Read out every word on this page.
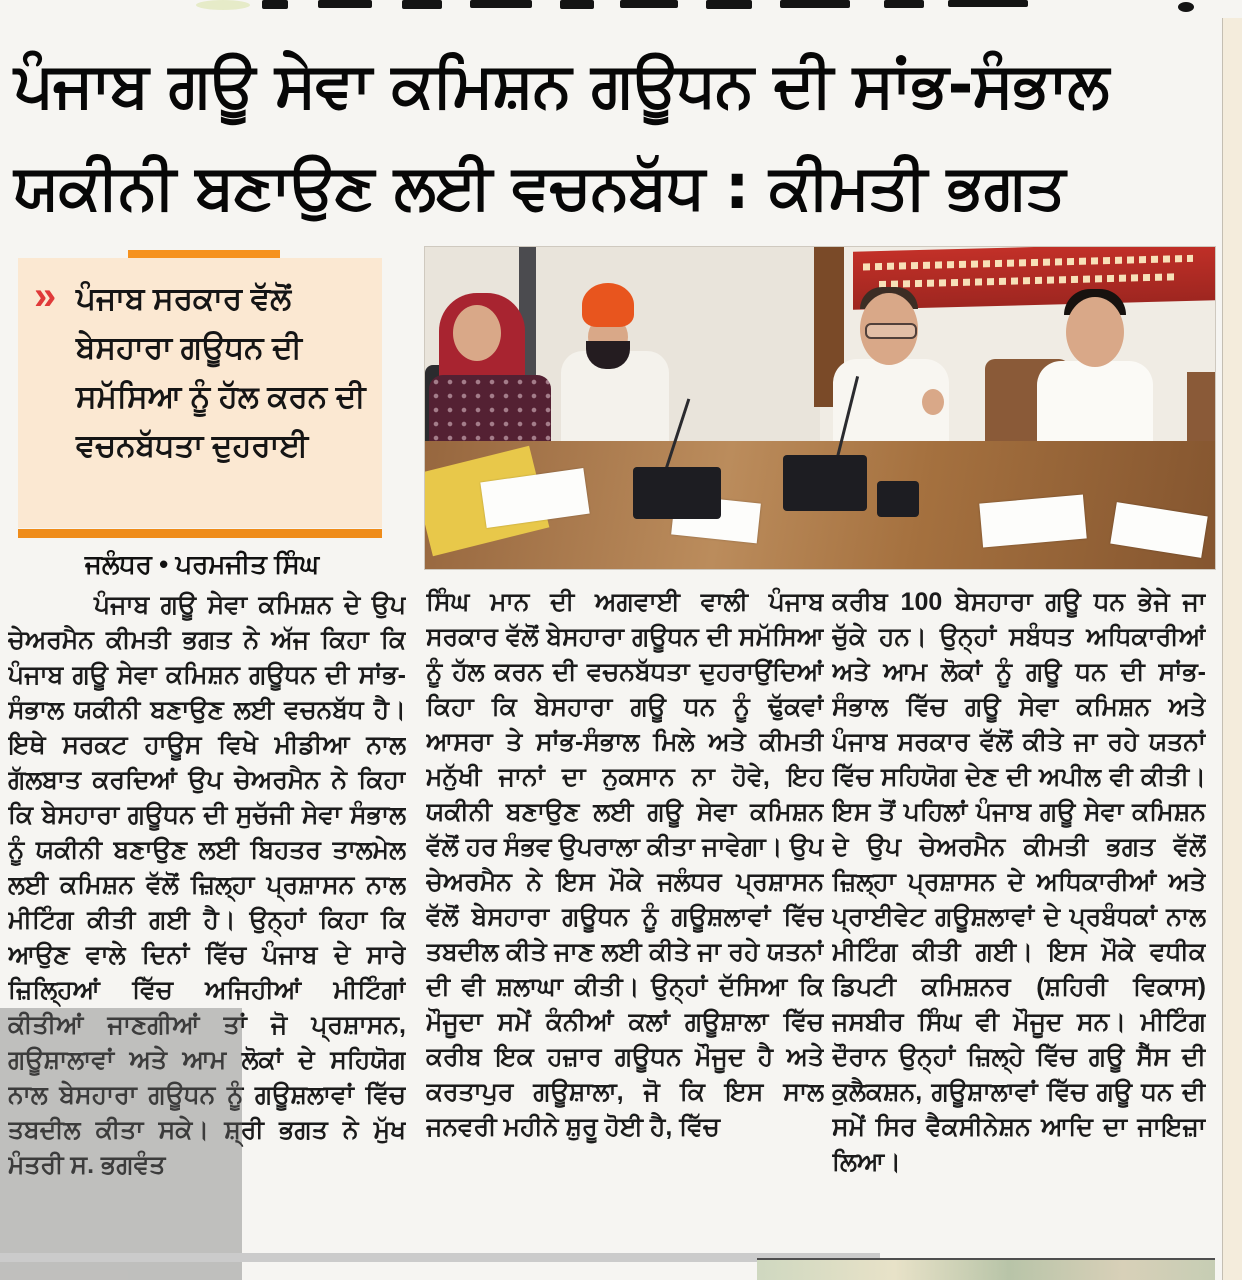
ਪੰਜਾਬ ਗਊ ਸੇਵਾ ਕਮਿਸ਼ਨ ਗਊਧਨ ਦੀ ਸਾਂਭ-ਸੰਭਾਲ
ਯਕੀਨੀ ਬਣਾਉਣ ਲਈ ਵਚਨਬੱਧ : ਕੀਮਤੀ ਭਗਤ
» ਪੰਜਾਬ ਸਰਕਾਰ ਵੱਲੋਂ ਬੇਸਹਾਰਾ ਗਊਧਨ ਦੀ ਸਮੱਸਿਆ ਨੂੰ ਹੱਲ ਕਰਨ ਦੀ ਵਚਨਬੱਧਤਾ ਦੁਹਰਾਈ
ਜਲੰਧਰ • ਪਰਮਜੀਤ ਸਿੰਘ
ਪੰਜਾਬ ਗਊ ਸੇਵਾ ਕਮਿਸ਼ਨ ਦੇ ਉਪ ਚੇਅਰਮੈਨ ਕੀਮਤੀ ਭਗਤ ਨੇ ਅੱਜ ਕਿਹਾ ਕਿ ਪੰਜਾਬ ਗਊ ਸੇਵਾ ਕਮਿਸ਼ਨ ਗਊਧਨ ਦੀ ਸਾਂਭ-ਸੰਭਾਲ ਯਕੀਨੀ ਬਣਾਉਣ ਲਈ ਵਚਨਬੱਧ ਹੈ। ਇਥੇ ਸਰਕਟ ਹਾਊਸ ਵਿਖੇ ਮੀਡੀਆ ਨਾਲ ਗੱਲਬਾਤ ਕਰਦਿਆਂ ਉਪ ਚੇਅਰਮੈਨ ਨੇ ਕਿਹਾ ਕਿ ਬੇਸਹਾਰਾ ਗਊਧਨ ਦੀ ਸੁਚੱਜੀ ਸੇਵਾ ਸੰਭਾਲ ਨੂੰ ਯਕੀਨੀ ਬਣਾਉਣ ਲਈ ਬਿਹਤਰ ਤਾਲਮੇਲ ਲਈ ਕਮਿਸ਼ਨ ਵੱਲੋਂ ਜ਼ਿਲ੍ਹਾ ਪ੍ਰਸ਼ਾਸਨ ਨਾਲ ਮੀਟਿੰਗ ਕੀਤੀ ਗਈ ਹੈ। ਉਨ੍ਹਾਂ ਕਿਹਾ ਕਿ ਆਉਣ ਵਾਲੇ ਦਿਨਾਂ ਵਿੱਚ ਪੰਜਾਬ ਦੇ ਸਾਰੇ ਜ਼ਿਲ੍ਹਿਆਂ ਵਿੱਚ ਅਜਿਹੀਆਂ ਮੀਟਿੰਗਾਂ ਕੀਤੀਆਂ ਜਾਣਗੀਆਂ ਤਾਂ ਜੋ ਪ੍ਰਸ਼ਾਸਨ, ਗਊਸ਼ਾਲਾਵਾਂ ਅਤੇ ਆਮ ਲੋਕਾਂ ਦੇ ਸਹਿਯੋਗ ਨਾਲ ਬੇਸਹਾਰਾ ਗਊਧਨ ਨੂੰ ਗਊਸ਼ਲਾਵਾਂ ਵਿੱਚ ਤਬਦੀਲ ਕੀਤਾ ਸਕੇ। ਸ਼੍ਰੀ ਭਗਤ ਨੇ ਮੁੱਖ ਮੰਤਰੀ ਸ. ਭਗਵੰਤ
ਸਿੰਘ ਮਾਨ ਦੀ ਅਗਵਾਈ ਵਾਲੀ ਪੰਜਾਬ ਸਰਕਾਰ ਵੱਲੋਂ ਬੇਸਹਾਰਾ ਗਊਧਨ ਦੀ ਸਮੱਸਿਆ ਨੂੰ ਹੱਲ ਕਰਨ ਦੀ ਵਚਨਬੱਧਤਾ ਦੁਹਰਾਉਂਦਿਆਂ ਕਿਹਾ ਕਿ ਬੇਸਹਾਰਾ ਗਊ ਧਨ ਨੂੰ ਢੁੱਕਵਾਂ ਆਸਰਾ ਤੇ ਸਾਂਭ-ਸੰਭਾਲ ਮਿਲੇ ਅਤੇ ਕੀਮਤੀ ਮਨੁੱਖੀ ਜਾਨਾਂ ਦਾ ਨੁਕਸਾਨ ਨਾ ਹੋਵੇ, ਇਹ ਯਕੀਨੀ ਬਣਾਉਣ ਲਈ ਗਊ ਸੇਵਾ ਕਮਿਸ਼ਨ ਵੱਲੋਂ ਹਰ ਸੰਭਵ ਉਪਰਾਲਾ ਕੀਤਾ ਜਾਵੇਗਾ। ਉਪ ਚੇਅਰਮੈਨ ਨੇ ਇਸ ਮੌਕੇ ਜਲੰਧਰ ਪ੍ਰਸ਼ਾਸਨ ਵੱਲੋਂ ਬੇਸਹਾਰਾ ਗਊਧਨ ਨੂੰ ਗਊਸ਼ਲਾਵਾਂ ਵਿੱਚ ਤਬਦੀਲ ਕੀਤੇ ਜਾਣ ਲਈ ਕੀਤੇ ਜਾ ਰਹੇ ਯਤਨਾਂ ਦੀ ਵੀ ਸ਼ਲਾਘਾ ਕੀਤੀ। ਉਨ੍ਹਾਂ ਦੱਸਿਆ ਕਿ ਮੌਜੂਦਾ ਸਮੇਂ ਕੰਨੀਆਂ ਕਲਾਂ ਗਊਸ਼ਾਲਾ ਵਿੱਚ ਕਰੀਬ ਇਕ ਹਜ਼ਾਰ ਗਊਧਨ ਮੌਜੂਦ ਹੈ ਅਤੇ ਕਰਤਾਪੁਰ ਗਊਸ਼ਾਲਾ, ਜੋ ਕਿ ਇਸ ਸਾਲ ਜਨਵਰੀ ਮਹੀਨੇ ਸ਼ੁਰੂ ਹੋਈ ਹੈ, ਵਿੱਚ
ਕਰੀਬ 100 ਬੇਸਹਾਰਾ ਗਊ ਧਨ ਭੇਜੇ ਜਾ ਚੁੱਕੇ ਹਨ। ਉਨ੍ਹਾਂ ਸਬੰਧਤ ਅਧਿਕਾਰੀਆਂ ਅਤੇ ਆਮ ਲੋਕਾਂ ਨੂੰ ਗਊ ਧਨ ਦੀ ਸਾਂਭ-ਸੰਭਾਲ ਵਿੱਚ ਗਊ ਸੇਵਾ ਕਮਿਸ਼ਨ ਅਤੇ ਪੰਜਾਬ ਸਰਕਾਰ ਵੱਲੋਂ ਕੀਤੇ ਜਾ ਰਹੇ ਯਤਨਾਂ ਵਿੱਚ ਸਹਿਯੋਗ ਦੇਣ ਦੀ ਅਪੀਲ ਵੀ ਕੀਤੀ। ਇਸ ਤੋਂ ਪਹਿਲਾਂ ਪੰਜਾਬ ਗਊ ਸੇਵਾ ਕਮਿਸ਼ਨ ਦੇ ਉਪ ਚੇਅਰਮੈਨ ਕੀਮਤੀ ਭਗਤ ਵੱਲੋਂ ਜ਼ਿਲ੍ਹਾ ਪ੍ਰਸ਼ਾਸਨ ਦੇ ਅਧਿਕਾਰੀਆਂ ਅਤੇ ਪ੍ਰਾਈਵੇਟ ਗਊਸ਼ਲਾਵਾਂ ਦੇ ਪ੍ਰਬੰਧਕਾਂ ਨਾਲ ਮੀਟਿੰਗ ਕੀਤੀ ਗਈ। ਇਸ ਮੌਕੇ ਵਧੀਕ ਡਿਪਟੀ ਕਮਿਸ਼ਨਰ (ਸ਼ਹਿਰੀ ਵਿਕਾਸ) ਜਸਬੀਰ ਸਿੰਘ ਵੀ ਮੌਜੂਦ ਸਨ। ਮੀਟਿੰਗ ਦੌਰਾਨ ਉਨ੍ਹਾਂ ਜ਼ਿਲ੍ਹੇ ਵਿੱਚ ਗਊ ਸੈੱਸ ਦੀ ਕੁਲੈਕਸ਼ਨ, ਗਊਸ਼ਾਲਾਵਾਂ ਵਿੱਚ ਗਊ ਧਨ ਦੀ ਸਮੇਂ ਸਿਰ ਵੈਕਸੀਨੇਸ਼ਨ ਆਦਿ ਦਾ ਜਾਇਜ਼ਾ ਲਿਆ।
